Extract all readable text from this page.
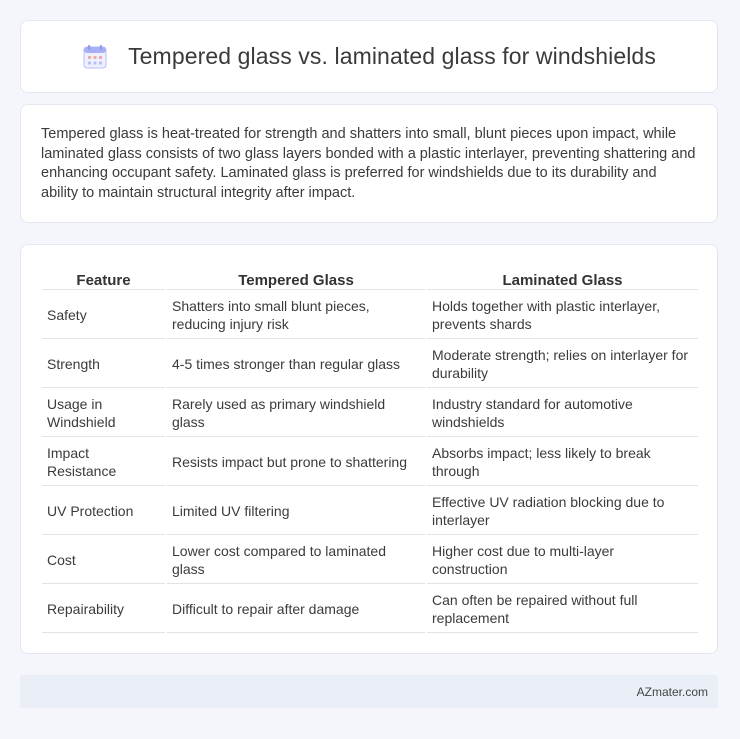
Tempered glass vs. laminated glass for windshields

Tempered glass is heat-treated for strength and shatters into small, blunt pieces upon impact, while laminated glass consists of two glass layers bonded with a plastic interlayer, preventing shattering and enhancing occupant safety. Laminated glass is preferred for windshields due to its durability and ability to maintain structural integrity after impact.

Feature	Tempered Glass	Laminated Glass
Safety	Shatters into small blunt pieces, reducing injury risk	Holds together with plastic interlayer, prevents shards
Strength	4-5 times stronger than regular glass	Moderate strength; relies on interlayer for durability
Usage in Windshield	Rarely used as primary windshield glass	Industry standard for automotive windshields
Impact Resistance	Resists impact but prone to shattering	Absorbs impact; less likely to break through
UV Protection	Limited UV filtering	Effective UV radiation blocking due to interlayer
Cost	Lower cost compared to laminated glass	Higher cost due to multi-layer construction
Repairability	Difficult to repair after damage	Can often be repaired without full replacement
AZmater.com
